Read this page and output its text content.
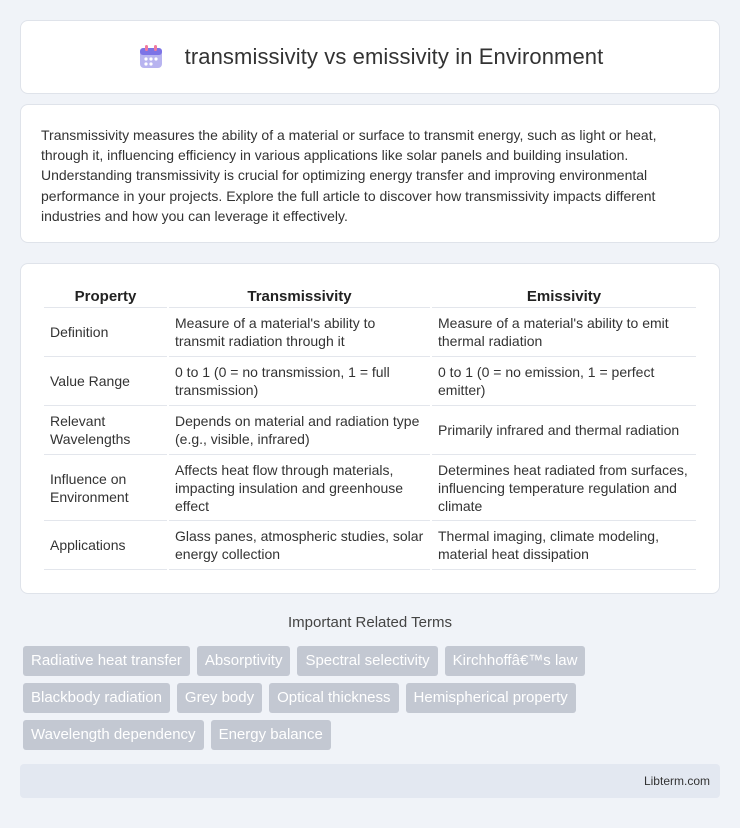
transmissivity vs emissivity in Environment

Transmissivity measures the ability of a material or surface to transmit energy, such as light or heat, through it, influencing efficiency in various applications like solar panels and building insulation. Understanding transmissivity is crucial for optimizing energy transfer and improving environmental performance in your projects. Explore the full article to discover how transmissivity impacts different industries and how you can leverage it effectively.

Property	Transmissivity	Emissivity
Definition	Measure of a material's ability to transmit radiation through it	Measure of a material's ability to emit thermal radiation
Value Range	0 to 1 (0 = no transmission, 1 = full transmission)	0 to 1 (0 = no emission, 1 = perfect emitter)
Relevant Wavelengths	Depends on material and radiation type (e.g., visible, infrared)	Primarily infrared and thermal radiation
Influence on Environment	Affects heat flow through materials, impacting insulation and greenhouse effect	Determines heat radiated from surfaces, influencing temperature regulation and climate
Applications	Glass panes, atmospheric studies, solar energy collection	Thermal imaging, climate modeling, material heat dissipation
Important Related Terms
Radiative heat transfer	Absorptivity	Spectral selectivity	Kirchhoffâ€™s law
Blackbody radiation	Grey body	Optical thickness	Hemispherical property
Wavelength dependency	Energy balance
Libterm.com
